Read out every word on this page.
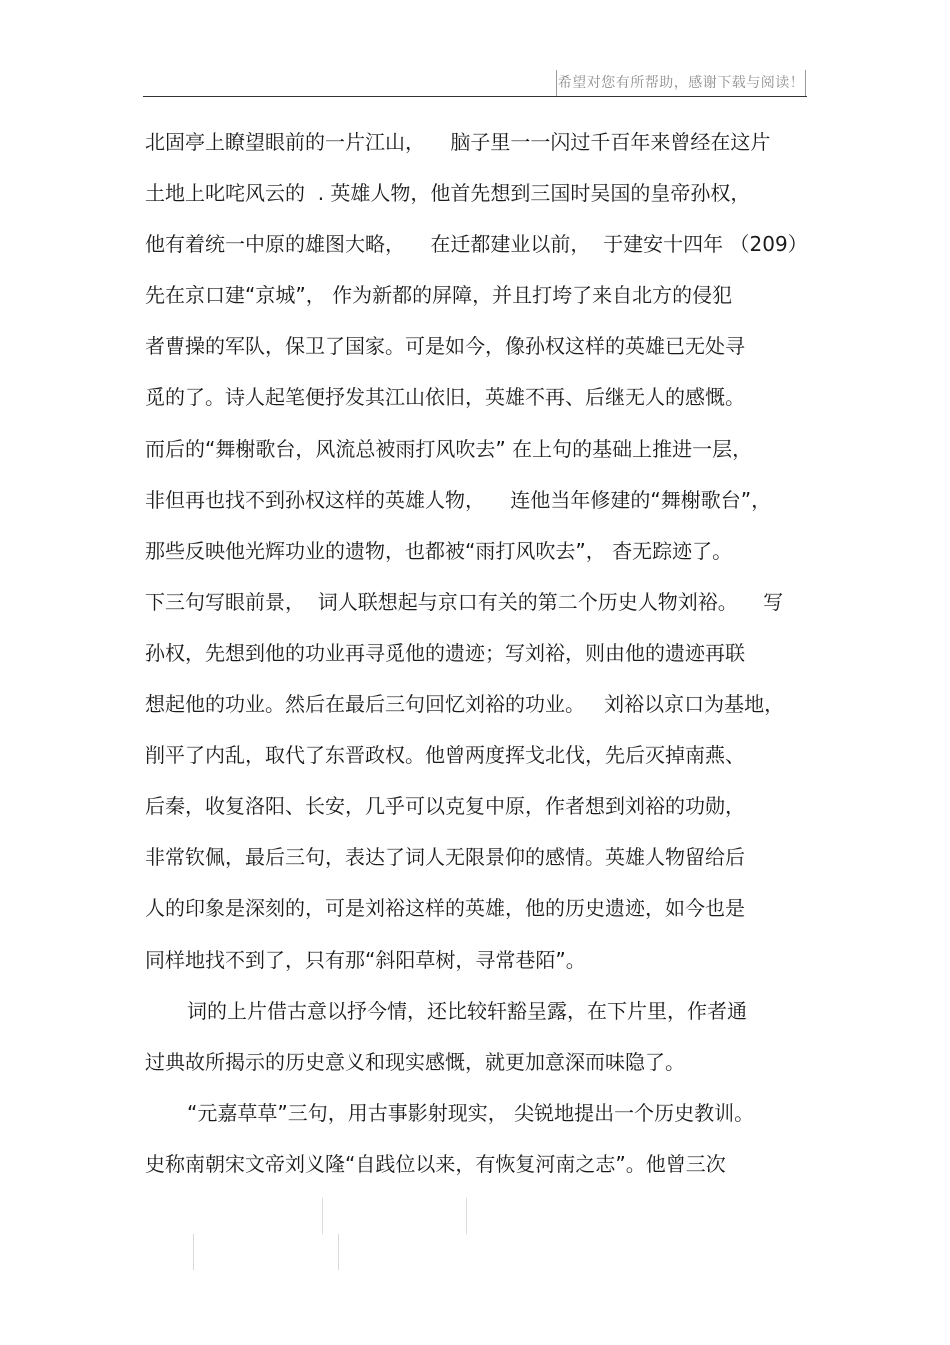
希望对您有所帮助，感谢下载与阅读！
北固亭上瞭望眼前的一片江山，    脑子里一一闪过千百年来曾经在这片
土地上叱咤风云的  . 英雄人物，他首先想到三国时吴国的皇帝孙权，
他有着统一中原的雄图大略，    在迁都建业以前，  于建安十四年 （209）
先在京口建“京城”， 作为新都的屏障，并且打垮了来自北方的侵犯
者曹操的军队，保卫了国家。可是如今，像孙权这样的英雄已无处寻
觅的了。诗人起笔便抒发其江山依旧，英雄不再、后继无人的感慨。
而后的“舞榭歌台，风流总被雨打风吹去” 在上句的基础上推进一层，
非但再也找不到孙权这样的英雄人物，    连他当年修建的“舞榭歌台”，
那些反映他光辉功业的遗物，也都被“雨打风吹去”， 杳无踪迹了。
下三句写眼前景，  词人联想起与京口有关的第二个历史人物刘裕。    写
孙权，先想到他的功业再寻觅他的遗迹；写刘裕，则由他的遗迹再联
想起他的功业。然后在最后三句回忆刘裕的功业。   刘裕以京口为基地，
削平了内乱，取代了东晋政权。他曾两度挥戈北伐，先后灭掉南燕、
后秦，收复洛阳、长安，几乎可以克复中原，作者想到刘裕的功勋，
非常钦佩，最后三句，表达了词人无限景仰的感情。英雄人物留给后
人的印象是深刻的，可是刘裕这样的英雄，他的历史遗迹，如今也是
同样地找不到了，只有那“斜阳草树，寻常巷陌”。
词的上片借古意以抒今情，还比较轩豁呈露，在下片里，作者通
过典故所揭示的历史意义和现实感慨，就更加意深而味隐了。
“元嘉草草”三句，用古事影射现实， 尖锐地提出一个历史教训。
史称南朝宋文帝刘义隆“自践位以来，有恢复河南之志”。他曾三次
